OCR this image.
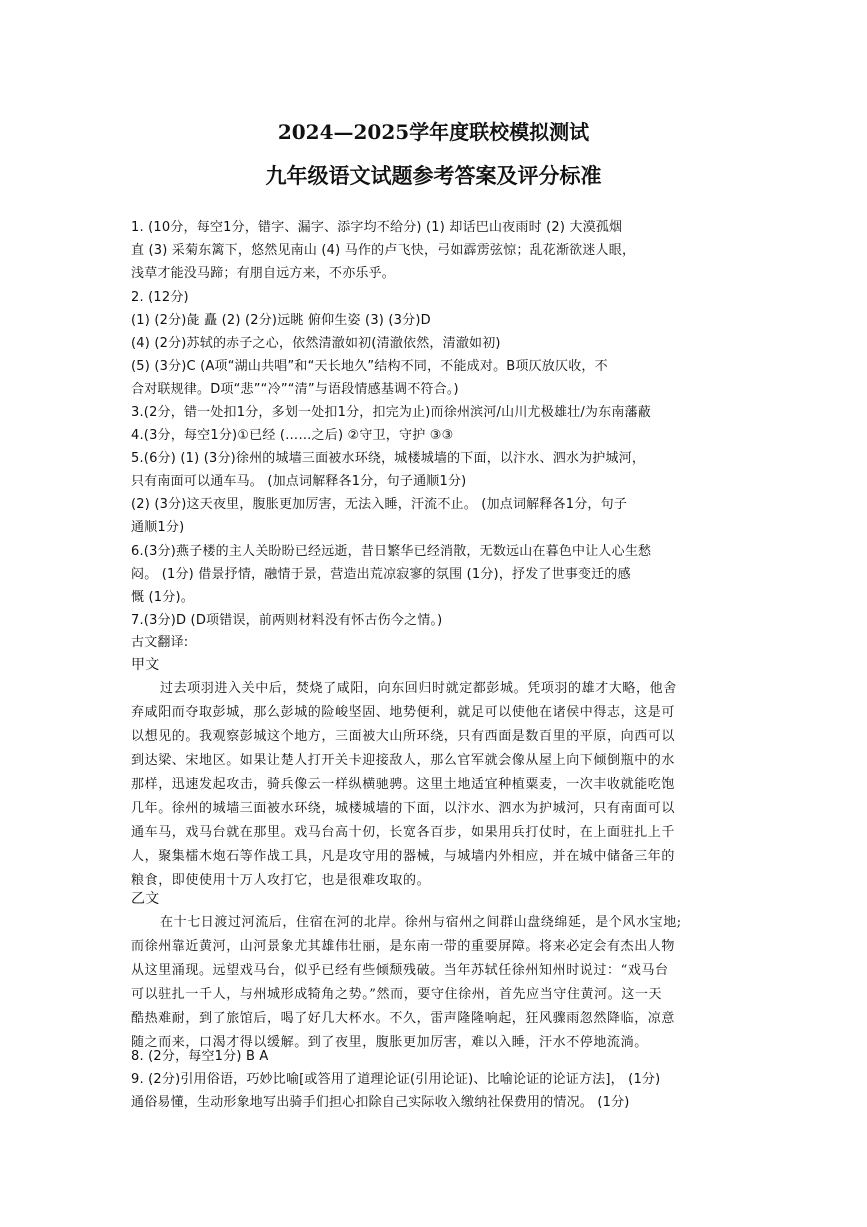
2024—2025学年度联校模拟测试
九年级语文试题参考答案及评分标准
1. (10分，每空1分，错字、漏字、添字均不给分) (1) 却话巴山夜雨时 (2) 大漠孤烟
直 (3) 采菊东篱下，悠然见南山 (4) 马作的卢飞快，弓如霹雳弦惊；乱花渐欲迷人眼，
浅草才能没马蹄；有朋自远方来，不亦乐乎。
2. (12分)
(1) (2分)彘 矗 (2) (2分)远眺 俯仰生姿 (3) (3分)D
(4) (2分)苏轼的赤子之心，依然清澈如初(清澈依然，清澈如初)
(5) (3分)C (A项“湖山共唱”和“天长地久”结构不同，不能成对。B项仄放仄收，不
合对联规律。D项“悲”“冷”“清”与语段情感基调不符合。)
3.(2分，错一处扣1分，多划一处扣1分，扣完为止)而徐州滨河/山川尤极雄壮/为东南藩蔽
4.(3分，每空1分)①已经 (……之后) ②守卫，守护 ③③
5.(6分) (1) (3分)徐州的城墙三面被水环绕，城楼城墙的下面，以汴水、泗水为护城河，
只有南面可以通车马。 (加点词解释各1分，句子通顺1分)
(2) (3分)这天夜里，腹胀更加厉害，无法入睡，汗流不止。 (加点词解释各1分，句子
通顺1分)
6.(3分)燕子楼的主人关盼盼已经远逝，昔日繁华已经消散，无数远山在暮色中让人心生愁
闷。 (1分) 借景抒情，融情于景，营造出荒凉寂寥的氛围 (1分)，抒发了世事变迁的感
慨 (1分)。
7.(3分)D (D项错误，前两则材料没有怀古伤今之情。)
古文翻译:
甲文
过去项羽进入关中后，焚烧了咸阳，向东回归时就定都彭城。凭项羽的雄才大略，他舍
弃咸阳而夺取彭城，那么彭城的险峻坚固、地势便利，就足可以使他在诸侯中得志，这是可
以想见的。我观察彭城这个地方，三面被大山所环绕，只有西面是数百里的平原，向西可以
到达梁、宋地区。如果让楚人打开关卡迎接敌人，那么官军就会像从屋上向下倾倒瓶中的水
那样，迅速发起攻击，骑兵像云一样纵横驰骋。这里土地适宜种植粟麦，一次丰收就能吃饱
几年。徐州的城墙三面被水环绕，城楼城墙的下面，以汴水、泗水为护城河，只有南面可以
通车马，戏马台就在那里。戏马台高十仞，长宽各百步，如果用兵打仗时，在上面驻扎上千
人，聚集檑木炮石等作战工具，凡是攻守用的器械，与城墙内外相应，并在城中储备三年的
粮食，即使使用十万人攻打它，也是很难攻取的。
乙文
在十七日渡过河流后，住宿在河的北岸。徐州与宿州之间群山盘绕绵延，是个风水宝地;
而徐州靠近黄河，山河景象尤其雄伟壮丽，是东南一带的重要屏障。将来必定会有杰出人物
从这里涌现。远望戏马台，似乎已经有些倾颓残破。当年苏轼任徐州知州时说过：“戏马台
可以驻扎一千人，与州城形成犄角之势。”然而，要守住徐州，首先应当守住黄河。这一天
酷热难耐，到了旅馆后，喝了好几大杯水。不久，雷声隆隆响起，狂风骤雨忽然降临，凉意
随之而来，口渴才得以缓解。到了夜里，腹胀更加厉害，难以入睡，汗水不停地流淌。
8. (2分，每空1分) B A
9. (2分)引用俗语，巧妙比喻[或答用了道理论证(引用论证)、比喻论证的论证方法]， (1分)
通俗易懂，生动形象地写出骑手们担心扣除自己实际收入缴纳社保费用的情况。 (1分)
